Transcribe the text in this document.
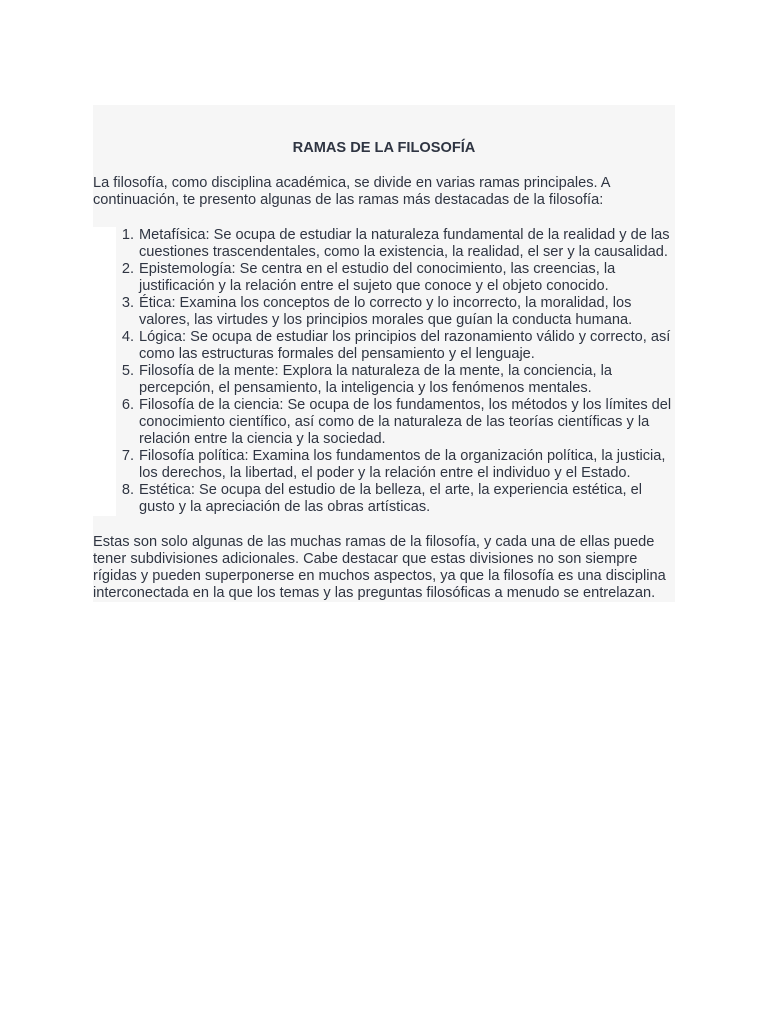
RAMAS DE LA FILOSOFÍA

La filosofía, como disciplina académica, se divide en varias ramas principales. A continuación, te presento algunas de las ramas más destacadas de la filosofía:

1. Metafísica: Se ocupa de estudiar la naturaleza fundamental de la realidad y de las cuestiones trascendentales, como la existencia, la realidad, el ser y la causalidad.
2. Epistemología: Se centra en el estudio del conocimiento, las creencias, la justificación y la relación entre el sujeto que conoce y el objeto conocido.
3. Ética: Examina los conceptos de lo correcto y lo incorrecto, la moralidad, los valores, las virtudes y los principios morales que guían la conducta humana.
4. Lógica: Se ocupa de estudiar los principios del razonamiento válido y correcto, así como las estructuras formales del pensamiento y el lenguaje.
5. Filosofía de la mente: Explora la naturaleza de la mente, la conciencia, la percepción, el pensamiento, la inteligencia y los fenómenos mentales.
6. Filosofía de la ciencia: Se ocupa de los fundamentos, los métodos y los límites del conocimiento científico, así como de la naturaleza de las teorías científicas y la relación entre la ciencia y la sociedad.
7. Filosofía política: Examina los fundamentos de la organización política, la justicia, los derechos, la libertad, el poder y la relación entre el individuo y el Estado.
8. Estética: Se ocupa del estudio de la belleza, el arte, la experiencia estética, el gusto y la apreciación de las obras artísticas.

Estas son solo algunas de las muchas ramas de la filosofía, y cada una de ellas puede tener subdivisiones adicionales. Cabe destacar que estas divisiones no son siempre rígidas y pueden superponerse en muchos aspectos, ya que la filosofía es una disciplina interconectada en la que los temas y las preguntas filosóficas a menudo se entrelazan.
